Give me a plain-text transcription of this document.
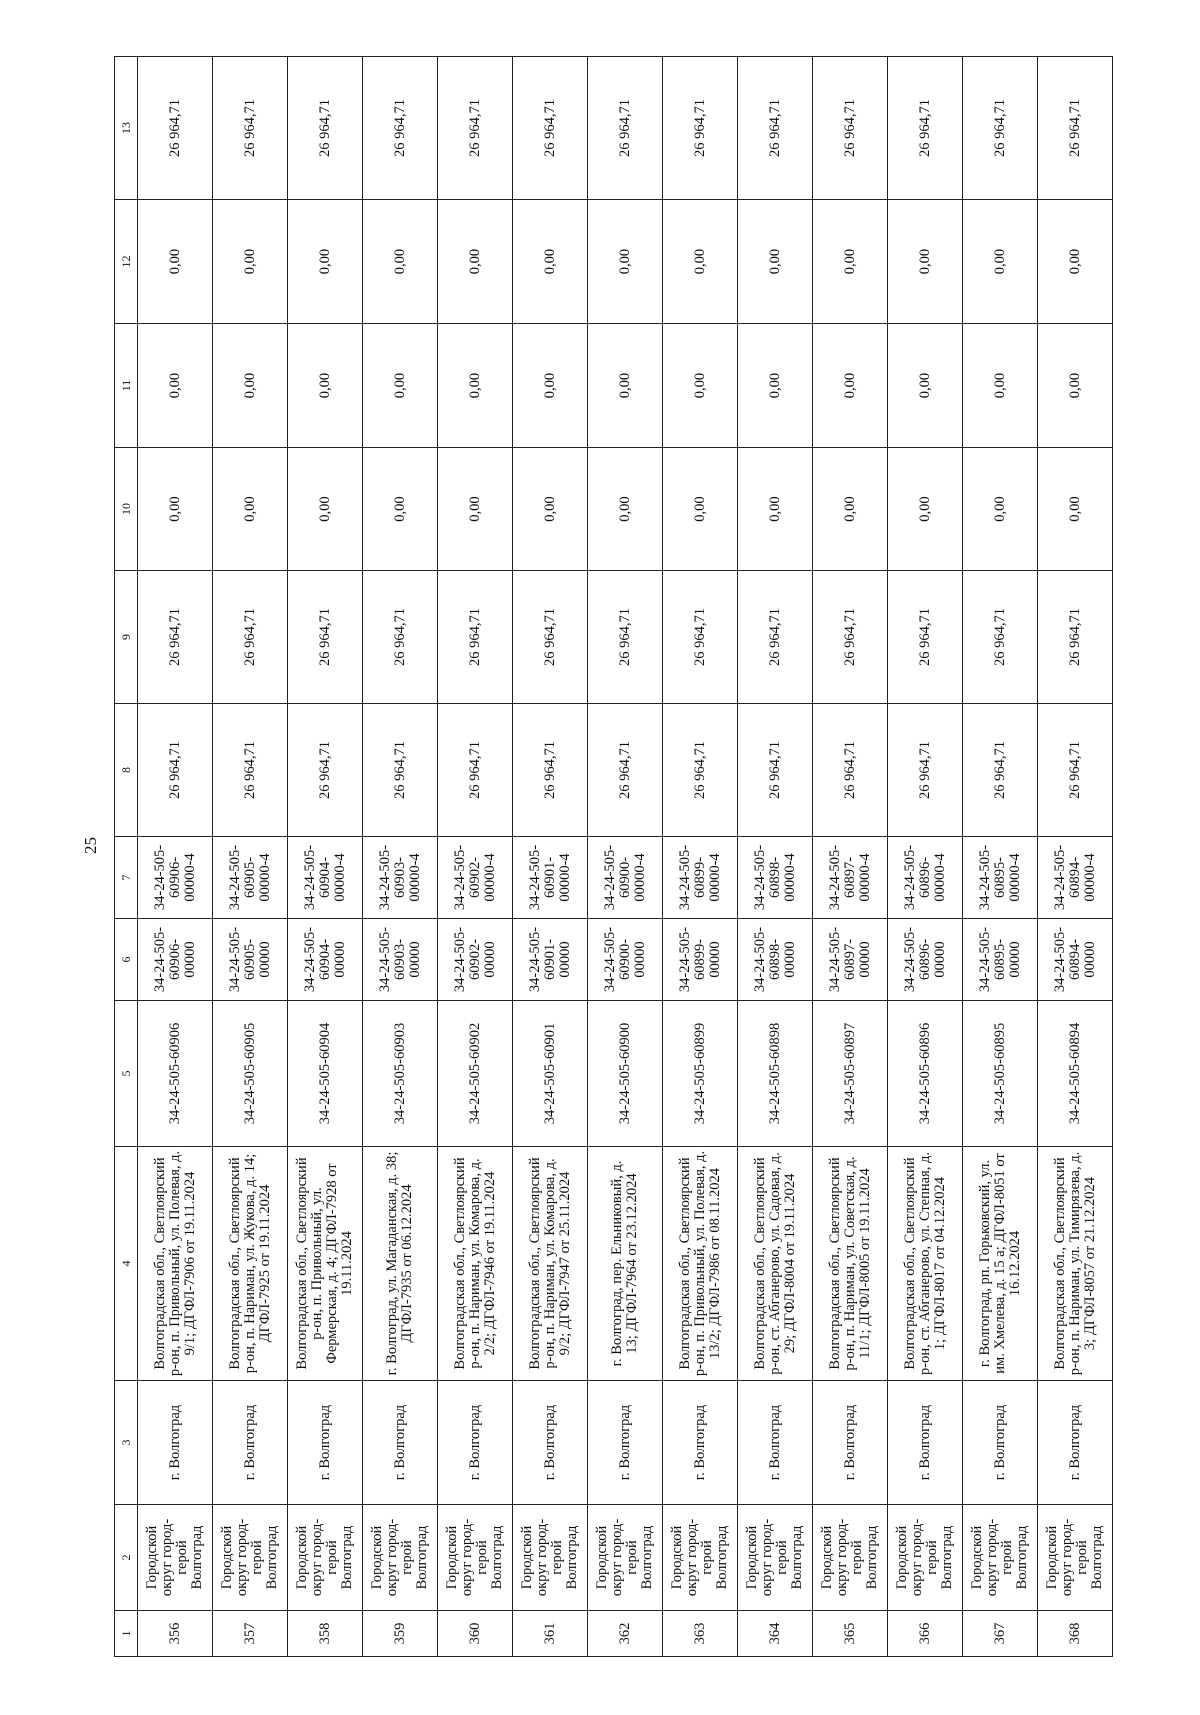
25
1	2	3	4	5	6	7	8	9	10	11	12	13
356	Городской округ город-герой Волгоград	г. Волгоград	Волгоградская обл., Светлоярский р-он, п. Привольный, ул. Полевая, д. 9/1; ДГФЛ-7906 от 19.11.2024	34-24-505-60906	34-24-505-60906-00000	34-24-505-60906-00000-4	26 964,71	26 964,71	0,00	0,00	0,00	26 964,71
357	Городской округ город-герой Волгоград	г. Волгоград	Волгоградская обл., Светлоярский р-он, п. Нариман, ул. Жукова, д. 14; ДГФЛ-7925 от 19.11.2024	34-24-505-60905	34-24-505-60905-00000	34-24-505-60905-00000-4	26 964,71	26 964,71	0,00	0,00	0,00	26 964,71
358	Городской округ город-герой Волгоград	г. Волгоград	Волгоградская обл., Светлоярский р-он, п. Привольный, ул. Фермерская, д. 4; ДГФЛ-7928 от 19.11.2024	34-24-505-60904	34-24-505-60904-00000	34-24-505-60904-00000-4	26 964,71	26 964,71	0,00	0,00	0,00	26 964,71
359	Городской округ город-герой Волгоград	г. Волгоград	г. Волгоград, ул. Магаданская, д. 38; ДГФЛ-7935 от 06.12.2024	34-24-505-60903	34-24-505-60903-00000	34-24-505-60903-00000-4	26 964,71	26 964,71	0,00	0,00	0,00	26 964,71
360	Городской округ город-герой Волгоград	г. Волгоград	Волгоградская обл., Светлоярский р-он, п. Нариман, ул. Комарова, д. 2/2; ДГФЛ-7946 от 19.11.2024	34-24-505-60902	34-24-505-60902-00000	34-24-505-60902-00000-4	26 964,71	26 964,71	0,00	0,00	0,00	26 964,71
361	Городской округ город-герой Волгоград	г. Волгоград	Волгоградская обл., Светлоярский р-он, п. Нариман, ул. Комарова, д. 9/2; ДГФЛ-7947 от 25.11.2024	34-24-505-60901	34-24-505-60901-00000	34-24-505-60901-00000-4	26 964,71	26 964,71	0,00	0,00	0,00	26 964,71
362	Городской округ город-герой Волгоград	г. Волгоград	г. Волгоград, пер. Ельниковый, д. 13; ДГФЛ-7964 от 23.12.2024	34-24-505-60900	34-24-505-60900-00000	34-24-505-60900-00000-4	26 964,71	26 964,71	0,00	0,00	0,00	26 964,71
363	Городской округ город-герой Волгоград	г. Волгоград	Волгоградская обл., Светлоярский р-он, п. Привольный, ул. Полевая, д. 13/2; ДГФЛ-7986 от 08.11.2024	34-24-505-60899	34-24-505-60899-00000	34-24-505-60899-00000-4	26 964,71	26 964,71	0,00	0,00	0,00	26 964,71
364	Городской округ город-герой Волгоград	г. Волгоград	Волгоградская обл., Светлоярский р-он, ст. Абганерово, ул. Садовая, д. 29; ДГФЛ-8004 от 19.11.2024	34-24-505-60898	34-24-505-60898-00000	34-24-505-60898-00000-4	26 964,71	26 964,71	0,00	0,00	0,00	26 964,71
365	Городской округ город-герой Волгоград	г. Волгоград	Волгоградская обл., Светлоярский р-он, п. Нариман, ул. Советская, д. 11/1; ДГФЛ-8005 от 19.11.2024	34-24-505-60897	34-24-505-60897-00000	34-24-505-60897-00000-4	26 964,71	26 964,71	0,00	0,00	0,00	26 964,71
366	Городской округ город-герой Волгоград	г. Волгоград	Волгоградская обл., Светлоярский р-он, ст. Абганерово, ул. Степная, д. 1; ДГФЛ-8017 от 04.12.2024	34-24-505-60896	34-24-505-60896-00000	34-24-505-60896-00000-4	26 964,71	26 964,71	0,00	0,00	0,00	26 964,71
367	Городской округ город-герой Волгоград	г. Волгоград	г. Волгоград, рп. Горьковский, ул. им. Хмелева, д. 15 а; ДГФЛ-8051 от 16.12.2024	34-24-505-60895	34-24-505-60895-00000	34-24-505-60895-00000-4	26 964,71	26 964,71	0,00	0,00	0,00	26 964,71
368	Городской округ город-герой Волгоград	г. Волгоград	Волгоградская обл., Светлоярский р-он, п. Нариман, ул. Тимирязева, д. 3; ДГФЛ-8057 от 21.12.2024	34-24-505-60894	34-24-505-60894-00000	34-24-505-60894-00000-4	26 964,71	26 964,71	0,00	0,00	0,00	26 964,71
